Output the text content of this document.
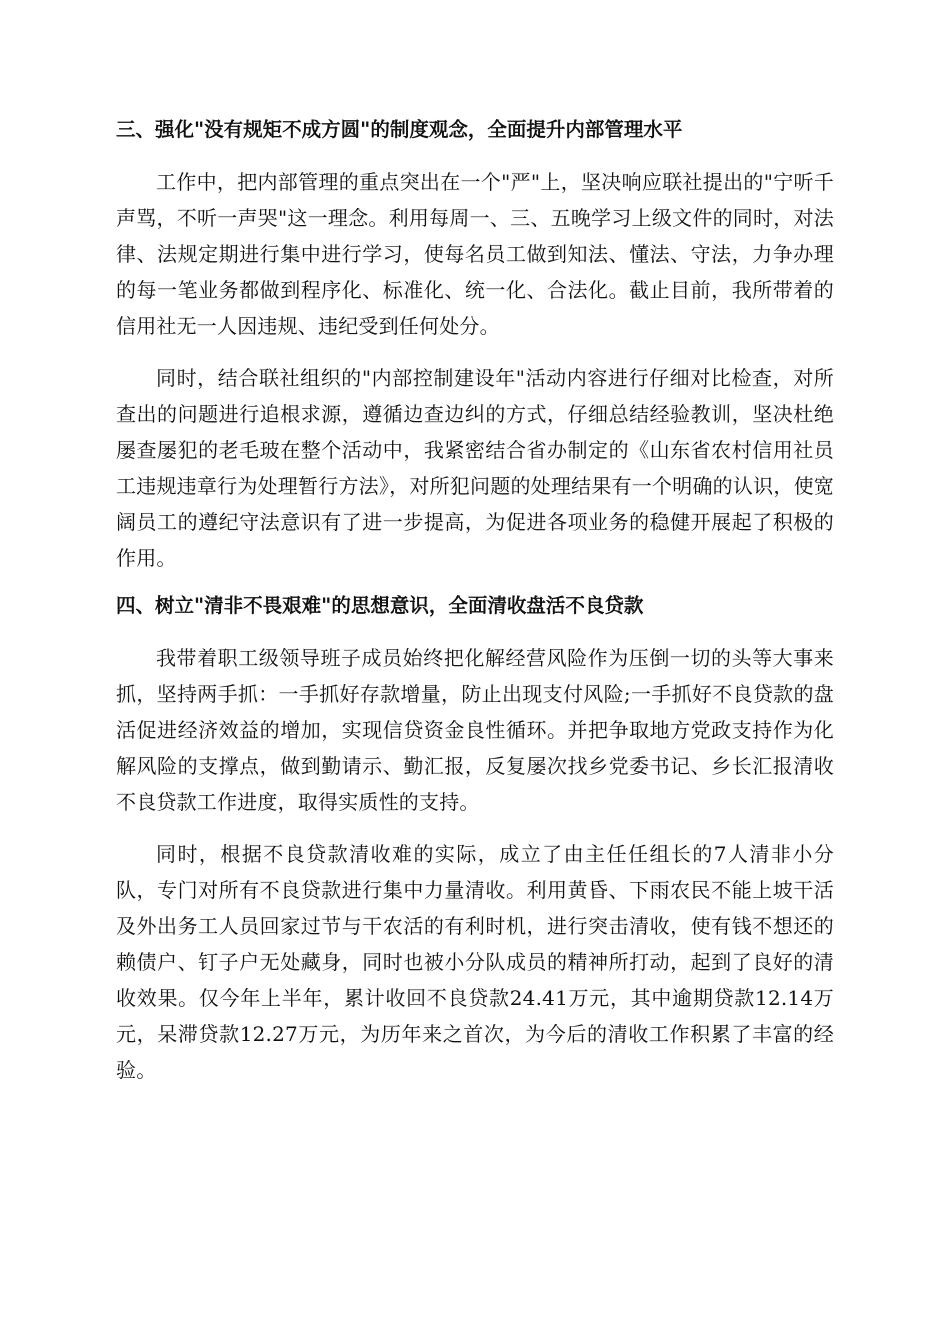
三、强化"没有规矩不成方圆"的制度观念，全面提升内部管理水平

工作中，把内部管理的重点突出在一个"严"上，坚决响应联社提出的"宁听千声骂，不听一声哭"这一理念。利用每周一、三、五晚学习上级文件的同时，对法律、法规定期进行集中进行学习，使每名员工做到知法、懂法、守法，力争办理的每一笔业务都做到程序化、标准化、统一化、合法化。截止目前，我所带着的信用社无一人因违规、违纪受到任何处分。

同时，结合联社组织的"内部控制建设年"活动内容进行仔细对比检查，对所查出的问题进行追根求源，遵循边查边纠的方式，仔细总结经验教训，坚决杜绝屡查屡犯的老毛玻在整个活动中，我紧密结合省办制定的《山东省农村信用社员工违规违章行为处理暂行方法》，对所犯问题的处理结果有一个明确的认识，使宽阔员工的遵纪守法意识有了进一步提高，为促进各项业务的稳健开展起了积极的作用。

四、树立"清非不畏艰难"的思想意识，全面清收盘活不良贷款

我带着职工级领导班子成员始终把化解经营风险作为压倒一切的头等大事来抓，坚持两手抓：一手抓好存款增量，防止出现支付风险;一手抓好不良贷款的盘活促进经济效益的增加，实现信贷资金良性循环。并把争取地方党政支持作为化解风险的支撑点，做到勤请示、勤汇报，反复屡次找乡党委书记、乡长汇报清收不良贷款工作进度，取得实质性的支持。

同时，根据不良贷款清收难的实际，成立了由主任任组长的7人清非小分队，专门对所有不良贷款进行集中力量清收。利用黄昏、下雨农民不能上坡干活及外出务工人员回家过节与干农活的有利时机，进行突击清收，使有钱不想还的赖债户、钉子户无处藏身，同时也被小分队成员的精神所打动，起到了良好的清收效果。仅今年上半年，累计收回不良贷款24.41万元，其中逾期贷款12.14万元，呆滞贷款12.27万元，为历年来之首次，为今后的清收工作积累了丰富的经验。
